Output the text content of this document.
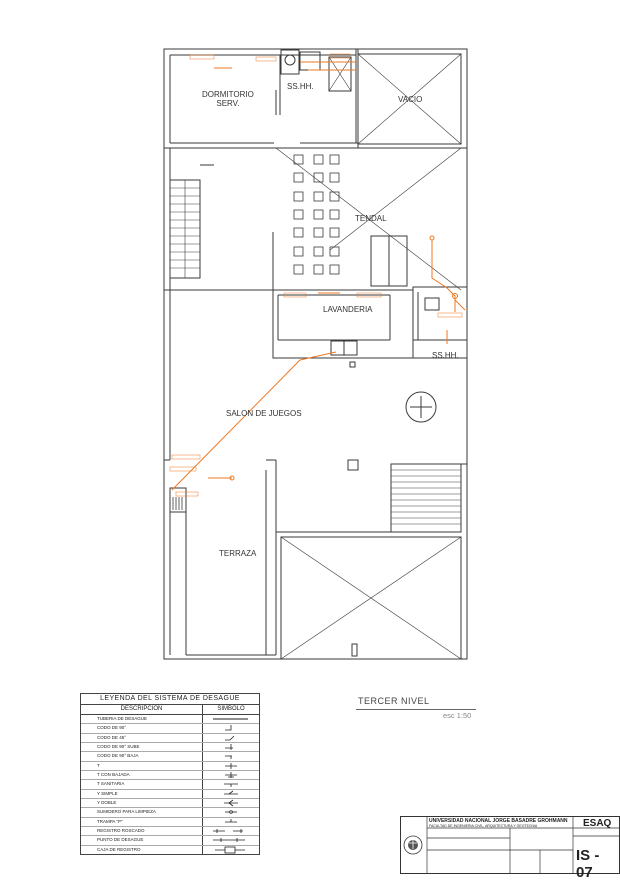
DORMITORIO
SERV.
SS.HH.
VACIO
TENDAL
LAVANDERIA
SS.HH.
SALON DE JUEGOS
TERRAZA
LEYENDA DEL SISTEMA DE DESAGUE
DESCRIPCION	SIMBOLO
TUBERIA DE DESAGUE
CODO DE 90°
CODO DE 45°
CODO DE 90° SUBE
CODO DE 90° BAJA
T
T CON BAJADA
T SANITARIA
Y SIMPLE
Y DOBLE
SUMIDERO PARA LIMPIEZA
TRAMPA "P"
REGISTRO ROSCADO
PUNTO DE DESAGUE
CAJA DE REGISTRO
TERCER NIVEL
esc 1:50
UNIVERSIDAD NACIONAL JORGE BASADRE GROHMANN
FACULTAD DE INGENIERIA CIVIL, ARQUITECTURA Y GEOTECNIA	ESAQ
IS - 07
